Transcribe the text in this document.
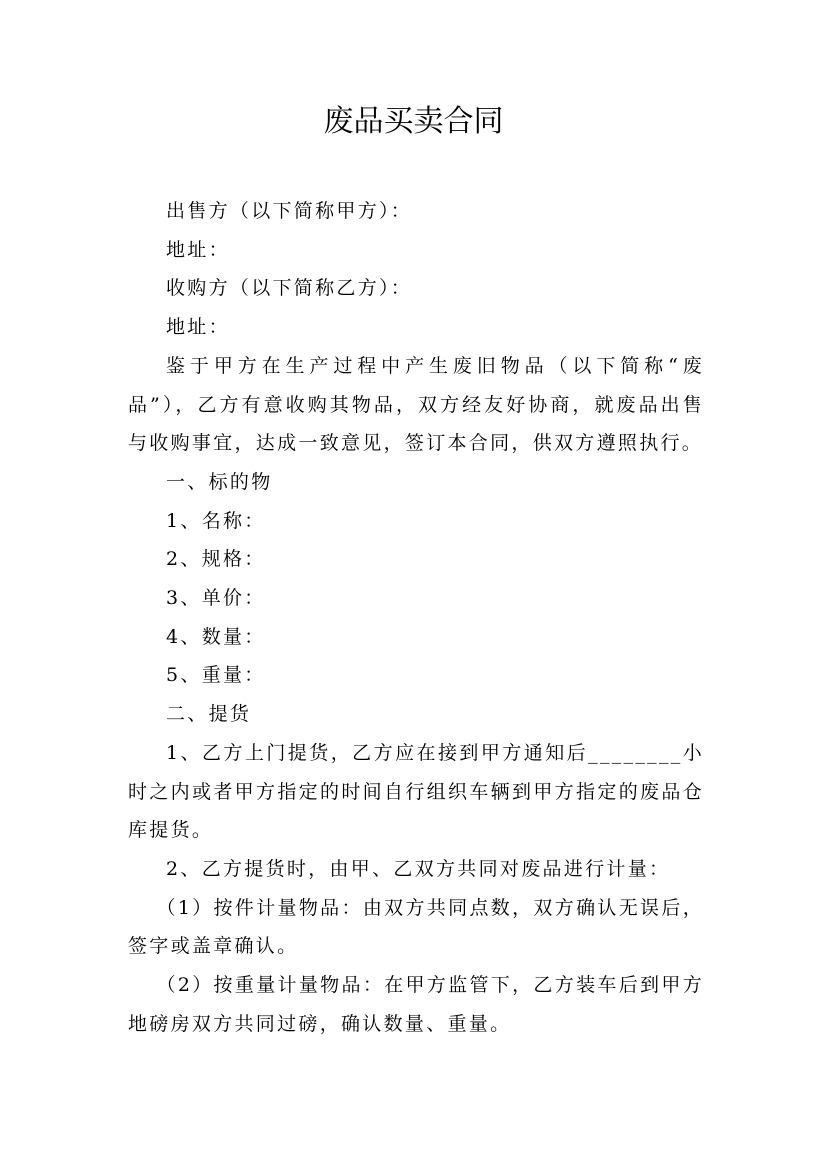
废品买卖合同

出售方（以下简称甲方）：

地址：

收购方（以下简称乙方）：

地址：

鉴于甲方在生产过程中产生废旧物品（以下简称“废品”），乙方有意收购其物品，双方经友好协商，就废品出售与收购事宜，达成一致意见，签订本合同，供双方遵照执行。

一、标的物

1、名称：

2、规格：

3、单价：

4、数量：

5、重量：

二、提货

1、乙方上门提货，乙方应在接到甲方通知后________小时之内或者甲方指定的时间自行组织车辆到甲方指定的废品仓库提货。

2、乙方提货时，由甲、乙双方共同对废品进行计量：

（1）按件计量物品：由双方共同点数，双方确认无误后，签字或盖章确认。

（2）按重量计量物品：在甲方监管下，乙方装车后到甲方地磅房双方共同过磅，确认数量、重量。
